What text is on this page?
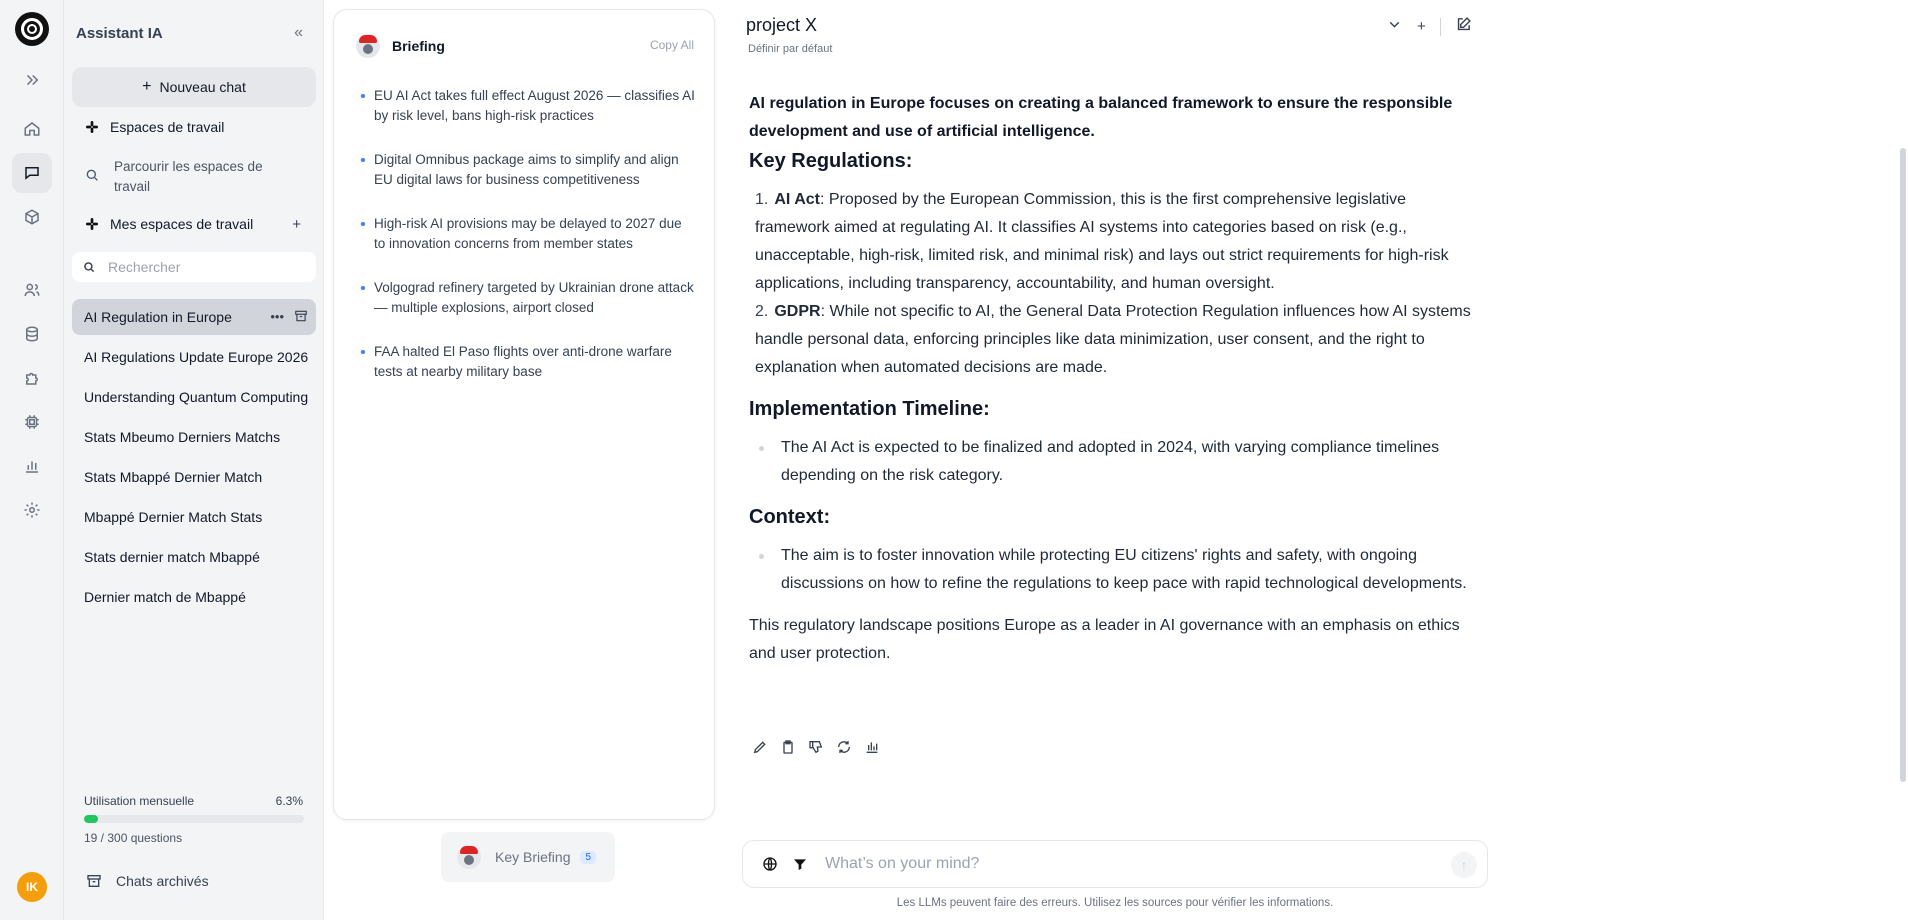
IK
Assistant IA	«
+ Nouveau chat
Espaces de travail
Parcourir les espaces de travail
Mes espaces de travail	+
Rechercher
AI Regulation in Europe	•••
AI Regulations Update Europe 2026
Understanding Quantum Computing
Stats Mbeumo Derniers Matchs
Stats Mbappé Dernier Match
Mbappé Dernier Match Stats
Stats dernier match Mbappé
Dernier match de Mbappé
Utilisation mensuelle	6.3%
19 / 300 questions
Chats archivés
Briefing	Copy All
EU AI Act takes full effect August 2026 — classifies AI by risk level, bans high-risk practices
Digital Omnibus package aims to simplify and align EU digital laws for business competitiveness
High-risk AI provisions may be delayed to 2027 due to innovation concerns from member states
Volgograd refinery targeted by Ukrainian drone attack — multiple explosions, airport closed
FAA halted El Paso flights over anti-drone warfare tests at nearby military base
Key Briefing	5
project X
Définir par défaut
+

AI regulation in Europe focuses on creating a balanced framework to ensure the responsible development and use of artificial intelligence.

Key Regulations:
1. AI Act: Proposed by the European Commission, this is the first comprehensive legislative framework aimed at regulating AI. It classifies AI systems into categories based on risk (e.g., unacceptable, high-risk, limited risk, and minimal risk) and lays out strict requirements for high-risk applications, including transparency, accountability, and human oversight.
2. GDPR: While not specific to AI, the General Data Protection Regulation influences how AI systems handle personal data, enforcing principles like data minimization, user consent, and the right to explanation when automated decisions are made.
Implementation Timeline:
The AI Act is expected to be finalized and adopted in 2024, with varying compliance timelines depending on the risk category.
Context:
The aim is to foster innovation while protecting EU citizens' rights and safety, with ongoing discussions on how to refine the regulations to keep pace with rapid technological developments.

This regulatory landscape positions Europe as a leader in AI governance with an emphasis on ethics and user protection.

What’s on your mind?
↑
Les LLMs peuvent faire des erreurs. Utilisez les sources pour vérifier les informations.
